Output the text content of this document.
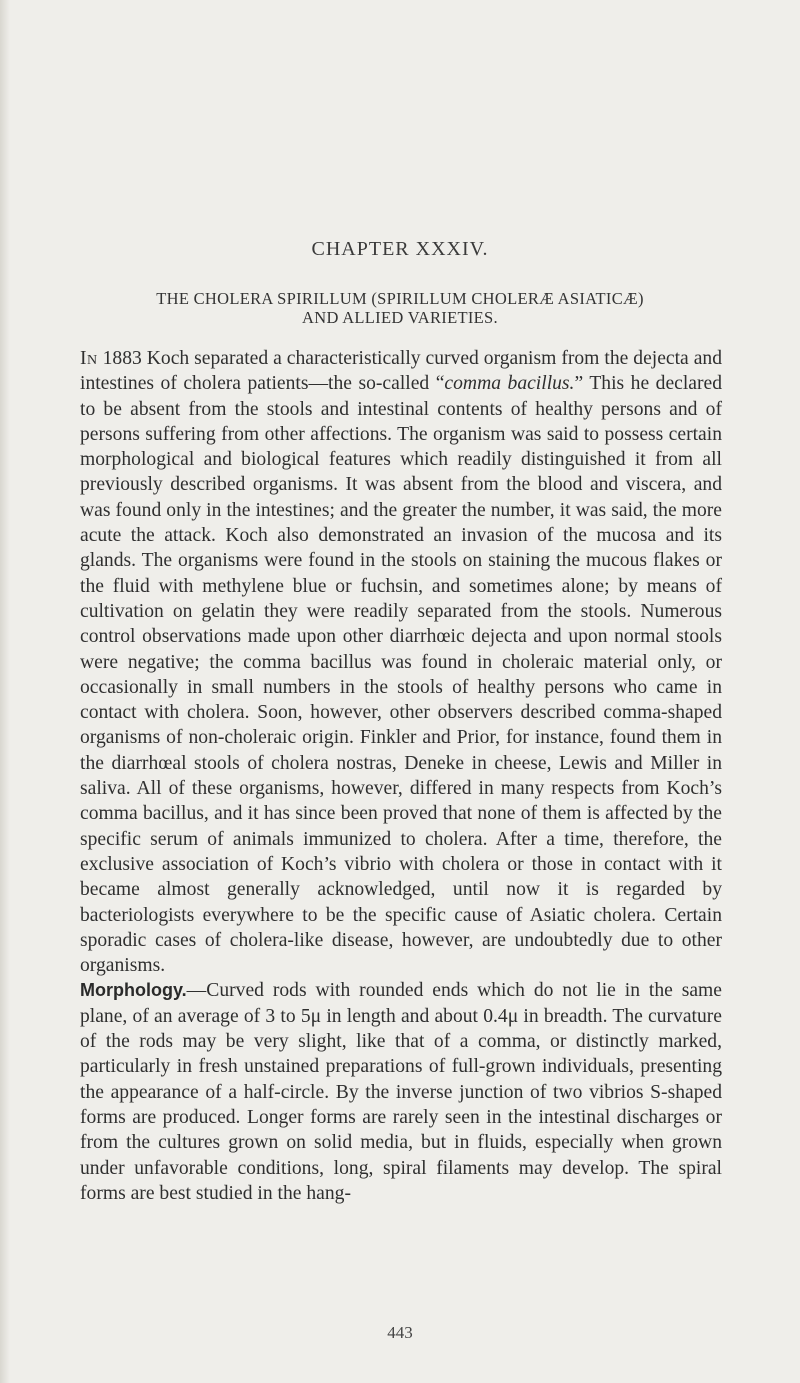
CHAPTER XXXIV.
THE CHOLERA SPIRILLUM (SPIRILLUM CHOLERÆ ASIATICÆ)
AND ALLIED VARIETIES.

In 1883 Koch separated a characteristically curved organism from the dejecta and intestines of cholera patients—the so-called “comma bacillus.” This he declared to be absent from the stools and intestinal contents of healthy persons and of persons suffering from other affections. The organism was said to possess certain morphological and biological features which readily distinguished it from all previously described organisms. It was absent from the blood and viscera, and was found only in the intestines; and the greater the number, it was said, the more acute the attack. Koch also demonstrated an invasion of the mucosa and its glands. The organisms were found in the stools on staining the mucous flakes or the fluid with methylene blue or fuchsin, and sometimes alone; by means of cultivation on gelatin they were readily separated from the stools. Numerous control observations made upon other diarrhœic dejecta and upon normal stools were negative; the comma bacillus was found in choleraic material only, or occasionally in small numbers in the stools of healthy persons who came in contact with cholera. Soon, however, other observers described comma-shaped organisms of non-choleraic origin. Finkler and Prior, for instance, found them in the diarrhœal stools of cholera nostras, Deneke in cheese, Lewis and Miller in saliva. All of these organisms, however, differed in many respects from Koch’s comma bacillus, and it has since been proved that none of them is affected by the specific serum of animals immunized to cholera. After a time, therefore, the exclusive association of Koch’s vibrio with cholera or those in contact with it became almost generally acknowledged, until now it is regarded by bacteriologists everywhere to be the specific cause of Asiatic cholera. Certain sporadic cases of cholera-like disease, however, are undoubtedly due to other organisms.

Morphology.—Curved rods with rounded ends which do not lie in the same plane, of an average of 3 to 5μ in length and about 0.4μ in breadth. The curvature of the rods may be very slight, like that of a comma, or distinctly marked, particularly in fresh unstained preparations of full-grown individuals, presenting the appearance of a half-circle. By the inverse junction of two vibrios S-shaped forms are produced. Longer forms are rarely seen in the intestinal discharges or from the cultures grown on solid media, but in fluids, especially when grown under unfavorable conditions, long, spiral filaments may develop. The spiral forms are best studied in the hang-

443
